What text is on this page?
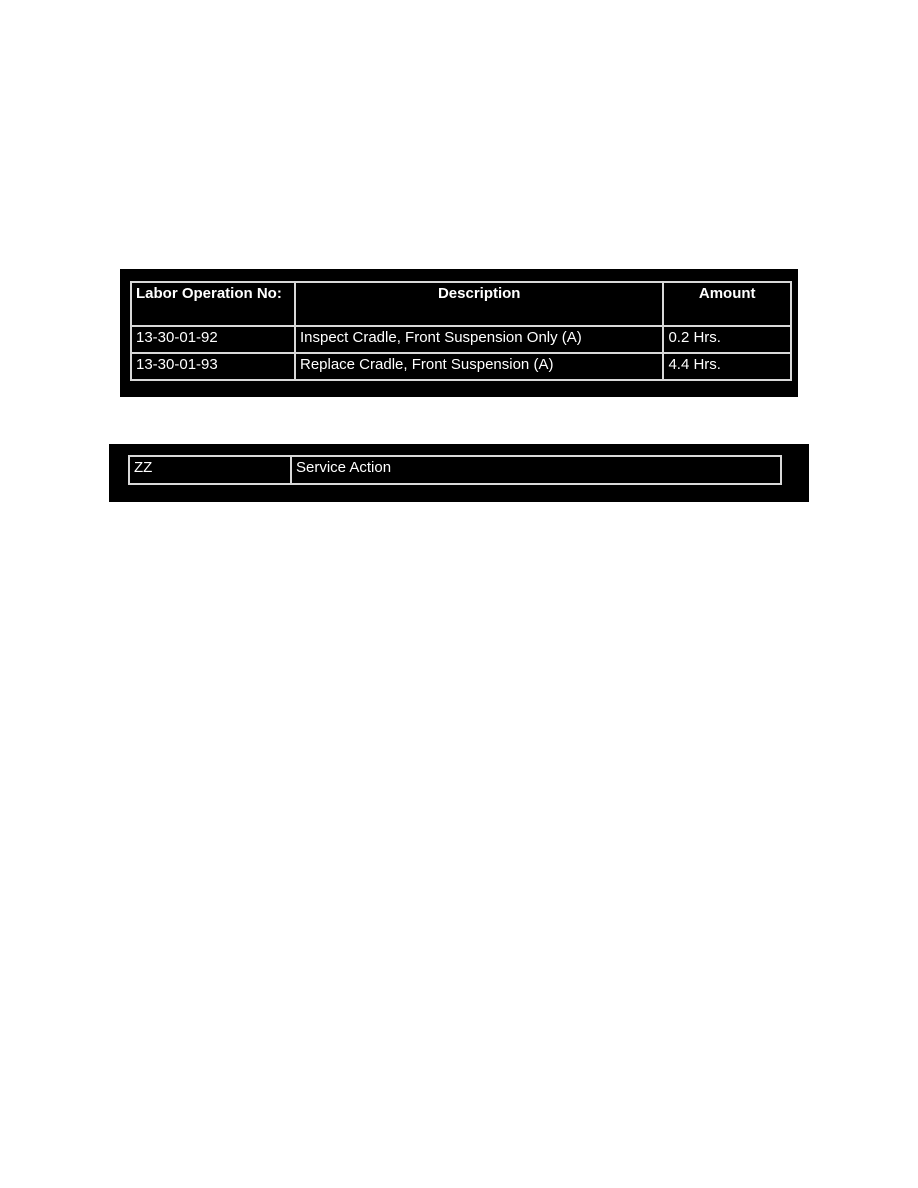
Labor Operation No:	Description	Amount
13-30-01-92	Inspect Cradle, Front Suspension Only (A)	0.2 Hrs.
13-30-01-93	Replace Cradle, Front Suspension (A)	4.4 Hrs.
ZZ	Service Action
